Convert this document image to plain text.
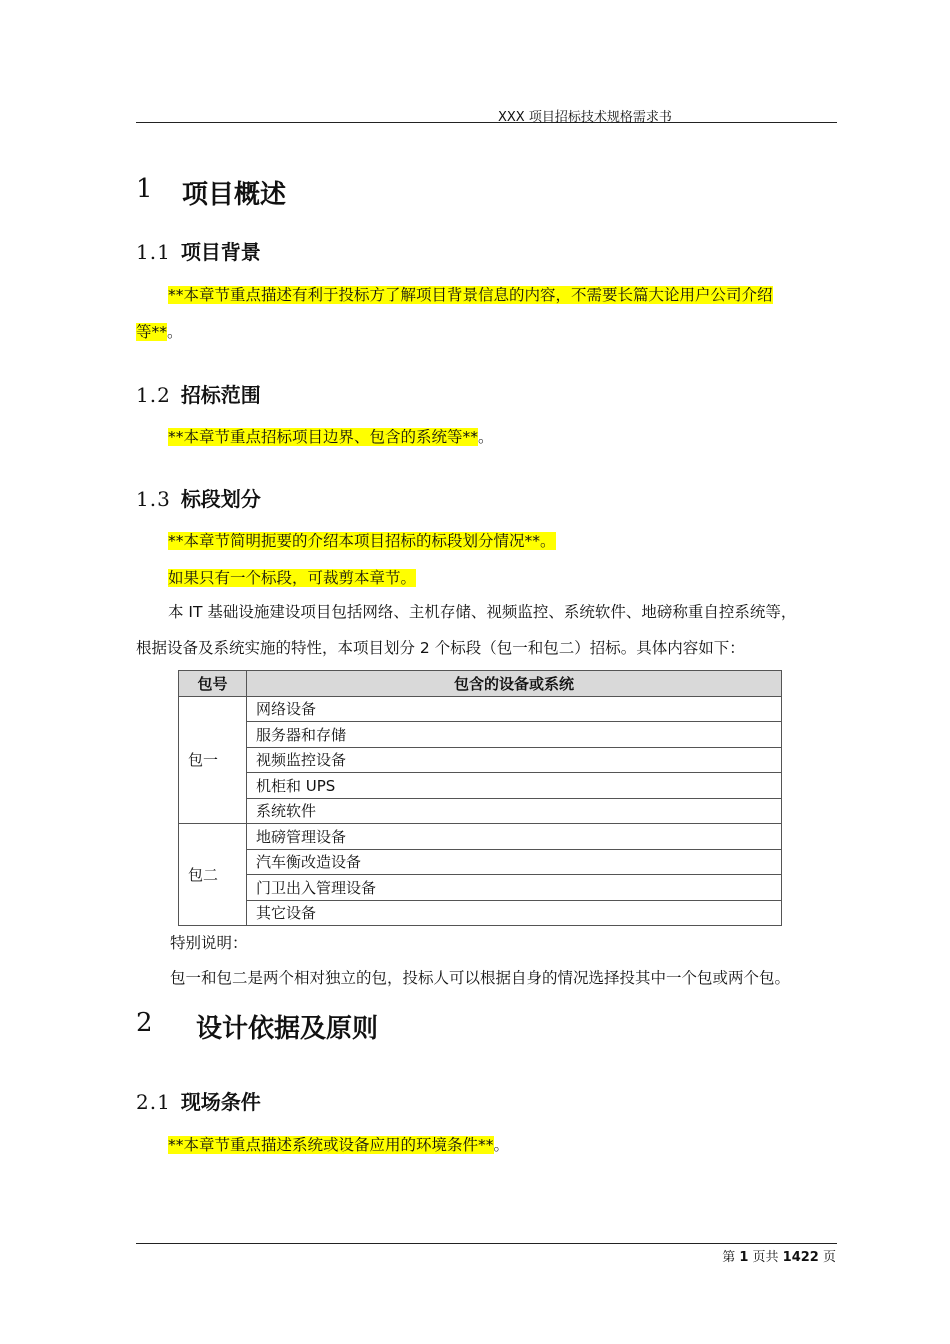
XXX 项目招标技术规格需求书
1 项目概述
1.1 项目背景
**本章节重点描述有利于投标方了解项目背景信息的内容，不需要长篇大论用户公司介绍
等**。
1.2 招标范围
**本章节重点招标项目边界、包含的系统等**。
1.3 标段划分
**本章节简明扼要的介绍本项目招标的标段划分情况**。
如果只有一个标段，可裁剪本章节。
本 IT 基础设施建设项目包括网络、主机存储、视频监控、系统软件、地磅称重自控系统等，
根据设备及系统实施的特性，本项目划分 2 个标段（包一和包二）招标。具体内容如下：
包号	包含的设备或系统
包一	网络设备
	服务器和存储
	视频监控设备
	机柜和 UPS
	系统软件
包二	地磅管理设备
	汽车衡改造设备
	门卫出入管理设备
	其它设备
特别说明：
包一和包二是两个相对独立的包，投标人可以根据自身的情况选择投其中一个包或两个包。
2 设计依据及原则
2.1 现场条件
**本章节重点描述系统或设备应用的环境条件**。
第 1 页共 1422 页
